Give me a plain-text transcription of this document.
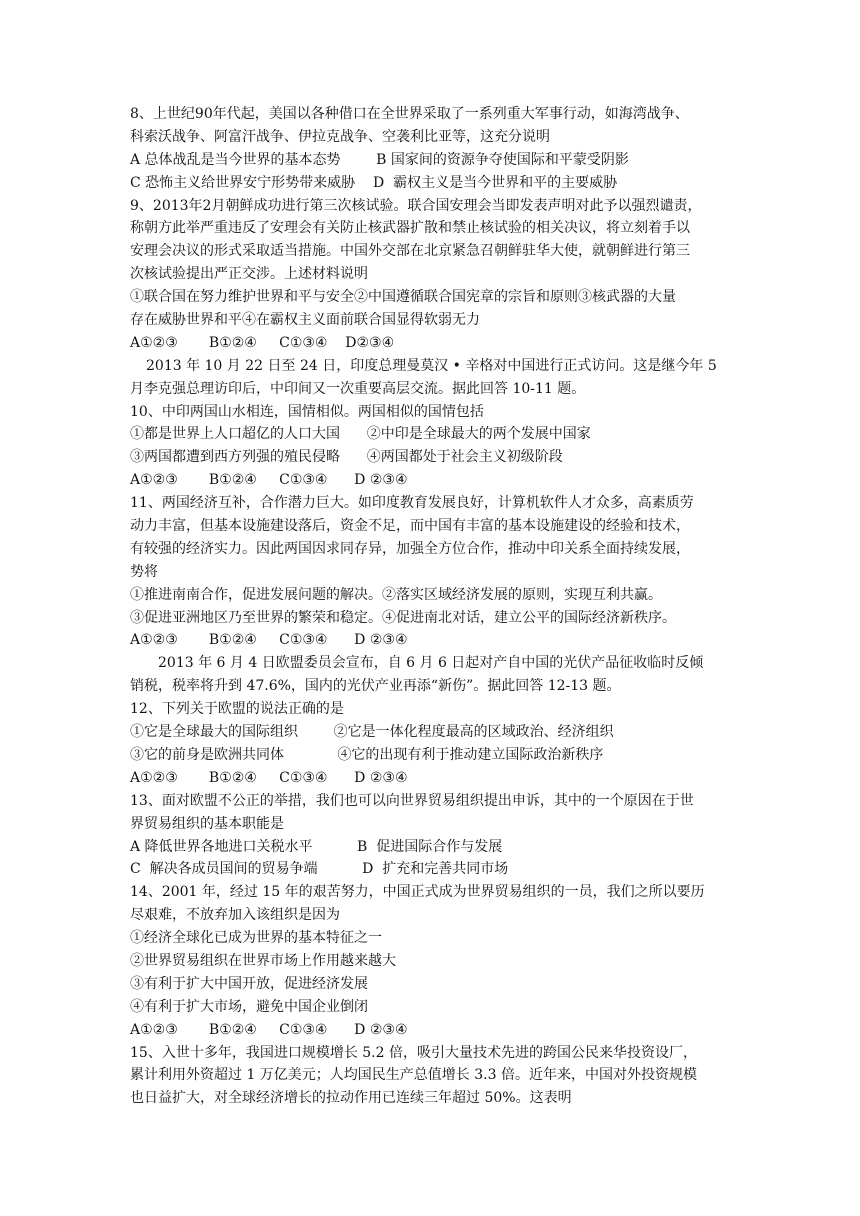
8、上世纪90年代起，美国以各种借口在全世界采取了一系列重大军事行动，如海湾战争、
科索沃战争、阿富汗战争、伊拉克战争、空袭利比亚等，这充分说明
A 总体战乱是当今世界的基本态势        B 国家间的资源争夺使国际和平蒙受阴影
C 恐怖主义给世界安宁形势带来威胁    D  霸权主义是当今世界和平的主要威胁
9、2013年2月朝鲜成功进行第三次核试验。联合国安理会当即发表声明对此予以强烈谴责，
称朝方此举严重违反了安理会有关防止核武器扩散和禁止核试验的相关决议，将立刻着手以
安理会决议的形式采取适当措施。中国外交部在北京紧急召朝鲜驻华大使，就朝鲜进行第三
次核试验提出严正交涉。上述材料说明
①联合国在努力维护世界和平与安全②中国遵循联合国宪章的宗旨和原则③核武器的大量
存在威胁世界和平④在霸权主义面前联合国显得软弱无力
A①②③       B①②④     C①③④    D②③④
2013 年 10 月 22 日至 24 日，印度总理曼莫汉 • 辛格对中国进行正式访问。这是继今年 5
月李克强总理访印后，中印间又一次重要高层交流。据此回答 10-11 题。
10、中印两国山水相连，国情相似。两国相似的国情包括
①都是世界上人口超亿的人口大国      ②中印是全球最大的两个发展中国家
③两国都遭到西方列强的殖民侵略      ④两国都处于社会主义初级阶段
A①②③       B①②④     C①③④      D ②③④
11、两国经济互补，合作潜力巨大。如印度教育发展良好，计算机软件人才众多，高素质劳
动力丰富，但基本设施建设落后，资金不足，而中国有丰富的基本设施建设的经验和技术，
有较强的经济实力。因此两国因求同存异，加强全方位合作，推动中印关系全面持续发展，
势将
①推进南南合作，促进发展问题的解决。②落实区域经济发展的原则，实现互利共赢。
③促进亚洲地区乃至世界的繁荣和稳定。④促进南北对话，建立公平的国际经济新秩序。
A①②③       B①②④     C①③④      D ②③④
2013 年 6 月 4 日欧盟委员会宣布，自 6 月 6 日起对产自中国的光伏产品征收临时反倾
销税，税率将升到 47.6%，国内的光伏产业再添“新伤”。据此回答 12-13 题。
12、下列关于欧盟的说法正确的是
①它是全球最大的国际组织        ②它是一体化程度最高的区域政治、经济组织
③它的前身是欧洲共同体            ④它的出现有利于推动建立国际政治新秩序
A①②③       B①②④     C①③④      D ②③④
13、面对欧盟不公正的举措，我们也可以向世界贸易组织提出申诉，其中的一个原因在于世
界贸易组织的基本职能是
A 降低世界各地进口关税水平          B  促进国际合作与发展
C  解决各成员国间的贸易争端          D  扩充和完善共同市场
14、2001 年，经过 15 年的艰苦努力，中国正式成为世界贸易组织的一员，我们之所以要历
尽艰难，不放弃加入该组织是因为
①经济全球化已成为世界的基本特征之一
②世界贸易组织在世界市场上作用越来越大
③有利于扩大中国开放，促进经济发展
④有利于扩大市场，避免中国企业倒闭
A①②③       B①②④     C①③④      D ②③④
15、入世十多年，我国进口规模增长 5.2 倍，吸引大量技术先进的跨国公民来华投资设厂，
累计利用外资超过 1 万亿美元；人均国民生产总值增长 3.3 倍。近年来，中国对外投资规模
也日益扩大，对全球经济增长的拉动作用已连续三年超过 50%。这表明
